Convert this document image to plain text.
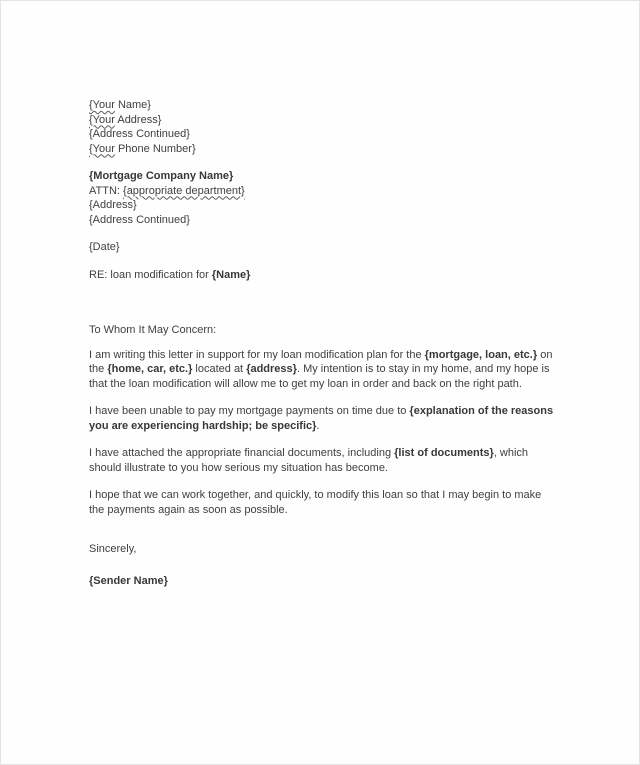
{Your Name}
{Your Address}
{Address Continued}
{Your Phone Number}
{Mortgage Company Name}
ATTN: {appropriate department}
{Address}
{Address Continued}
{Date}
RE: loan modification for {Name}
To Whom It May Concern:

I am writing this letter in support for my loan modification plan for the {mortgage, loan, etc.} on the {home, car, etc.} located at {address}. My intention is to stay in my home, and my hope is that the loan modification will allow me to get my loan in order and back on the right path.

I have been unable to pay my mortgage payments on time due to {explanation of the reasons you are experiencing hardship; be specific}.

I have attached the appropriate financial documents, including {list of documents}, which should illustrate to you how serious my situation has become.

I hope that we can work together, and quickly, to modify this loan so that I may begin to make the payments again as soon as possible.

Sincerely,
{Sender Name}
